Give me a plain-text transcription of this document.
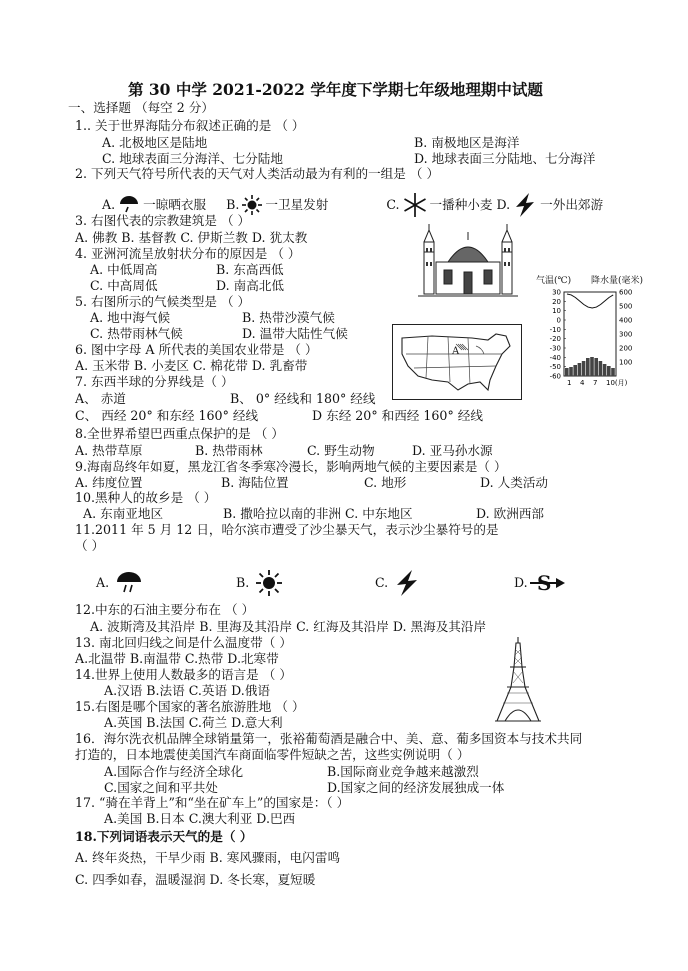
第 30 中学 2021-2022 学年度下学期七年级地理期中试题
一、选择题 （每空 2 分）
1.. 关于世界海陆分布叙述正确的是 （ ）
A. 北极地区是陆地	B. 南极地区是海洋
C. 地球表面三分海洋、七分陆地	D. 地球表面三分陆地、七分海洋
2. 下列天气符号所代表的天气对人类活动最为有利的一组是 （ ）
A. 一晾晒衣服 B. 一卫星发射	C. 一播种小麦 D. 一外出郊游
3. 右图代表的宗教建筑是 （ ）
A. 佛教 B. 基督教 C. 伊斯兰教 D. 犹太教
4. 亚洲河流呈放射状分布的原因是 （ ）
A. 中低周高	B. 东高西低
C. 中高周低	D. 南高北低	气温(℃) 降水量(毫米)
30
20
10
0
-10
-20
-30
-40
-50
-60
600
500
400
300
200
100
1 4 7 10(月)
5. 右图所示的气候类型是 （ ）
A. 地中海气候	B. 热带沙漠气候
C. 热带雨林气候	D. 温带大陆性气候
A
6. 图中字母 A 所代表的美国农业带是 （ ）
A. 玉米带 B. 小麦区 C. 棉花带 D. 乳畜带
7. 东西半球的分界线是（ ）
A、 赤道	B、 0° 经线和 180° 经线
C、 西经 20° 和东经 160° 经线	D 东经 20° 和西经 160° 经线
8.全世界希望巴西重点保护的是 （ ）
A. 热带草原	B. 热带雨林	C. 野生动物	D. 亚马孙水源
9.海南岛终年如夏，黑龙江省冬季寒冷漫长，影响两地气候的主要因素是（ ）
A. 纬度位置	B. 海陆位置	C. 地形	D. 人类活动
10.黑种人的故乡是 （ ）
A. 东南亚地区	B. 撒哈拉以南的非洲 C. 中东地区	D. 欧洲西部
11.2011 年 5 月 12 日，哈尔滨市遭受了沙尘暴天气，表示沙尘暴符号的是
（ ）
A.	B.	C.	D. S
12.中东的石油主要分布在 （ ）
A. 波斯湾及其沿岸 B. 里海及其沿岸 C. 红海及其沿岸 D. 黑海及其沿岸
13. 南北回归线之间是什么温度带（ ）
A.北温带 B.南温带 C.热带 D.北寒带
14.世界上使用人数最多的语言是 （ ）
A.汉语 B.法语 C.英语 D.俄语
15.右图是哪个国家的著名旅游胜地 （ ）
A.英国 B.法国 C.荷兰 D.意大利
16．海尔洗衣机品牌全球销量第一，张裕葡萄酒是融合中、美、意、葡多国资本与技术共同
打造的，日本地震使美国汽车商面临零件短缺之苦，这些实例说明（ ）
A.国际合作与经济全球化	B.国际商业竞争越来越激烈
C.国家之间和平共处	D.国家之间的经济发展独成一体
17. “骑在羊背上”和“坐在矿车上”的国家是：（ ）
A.美国 B.日本 C.澳大利亚 D.巴西
18.下列词语表示天气的是（ ）
A. 终年炎热，干旱少雨 B. 寒风骤雨，电闪雷鸣
C. 四季如春，温暖湿润 D. 冬长寒，夏短暖
